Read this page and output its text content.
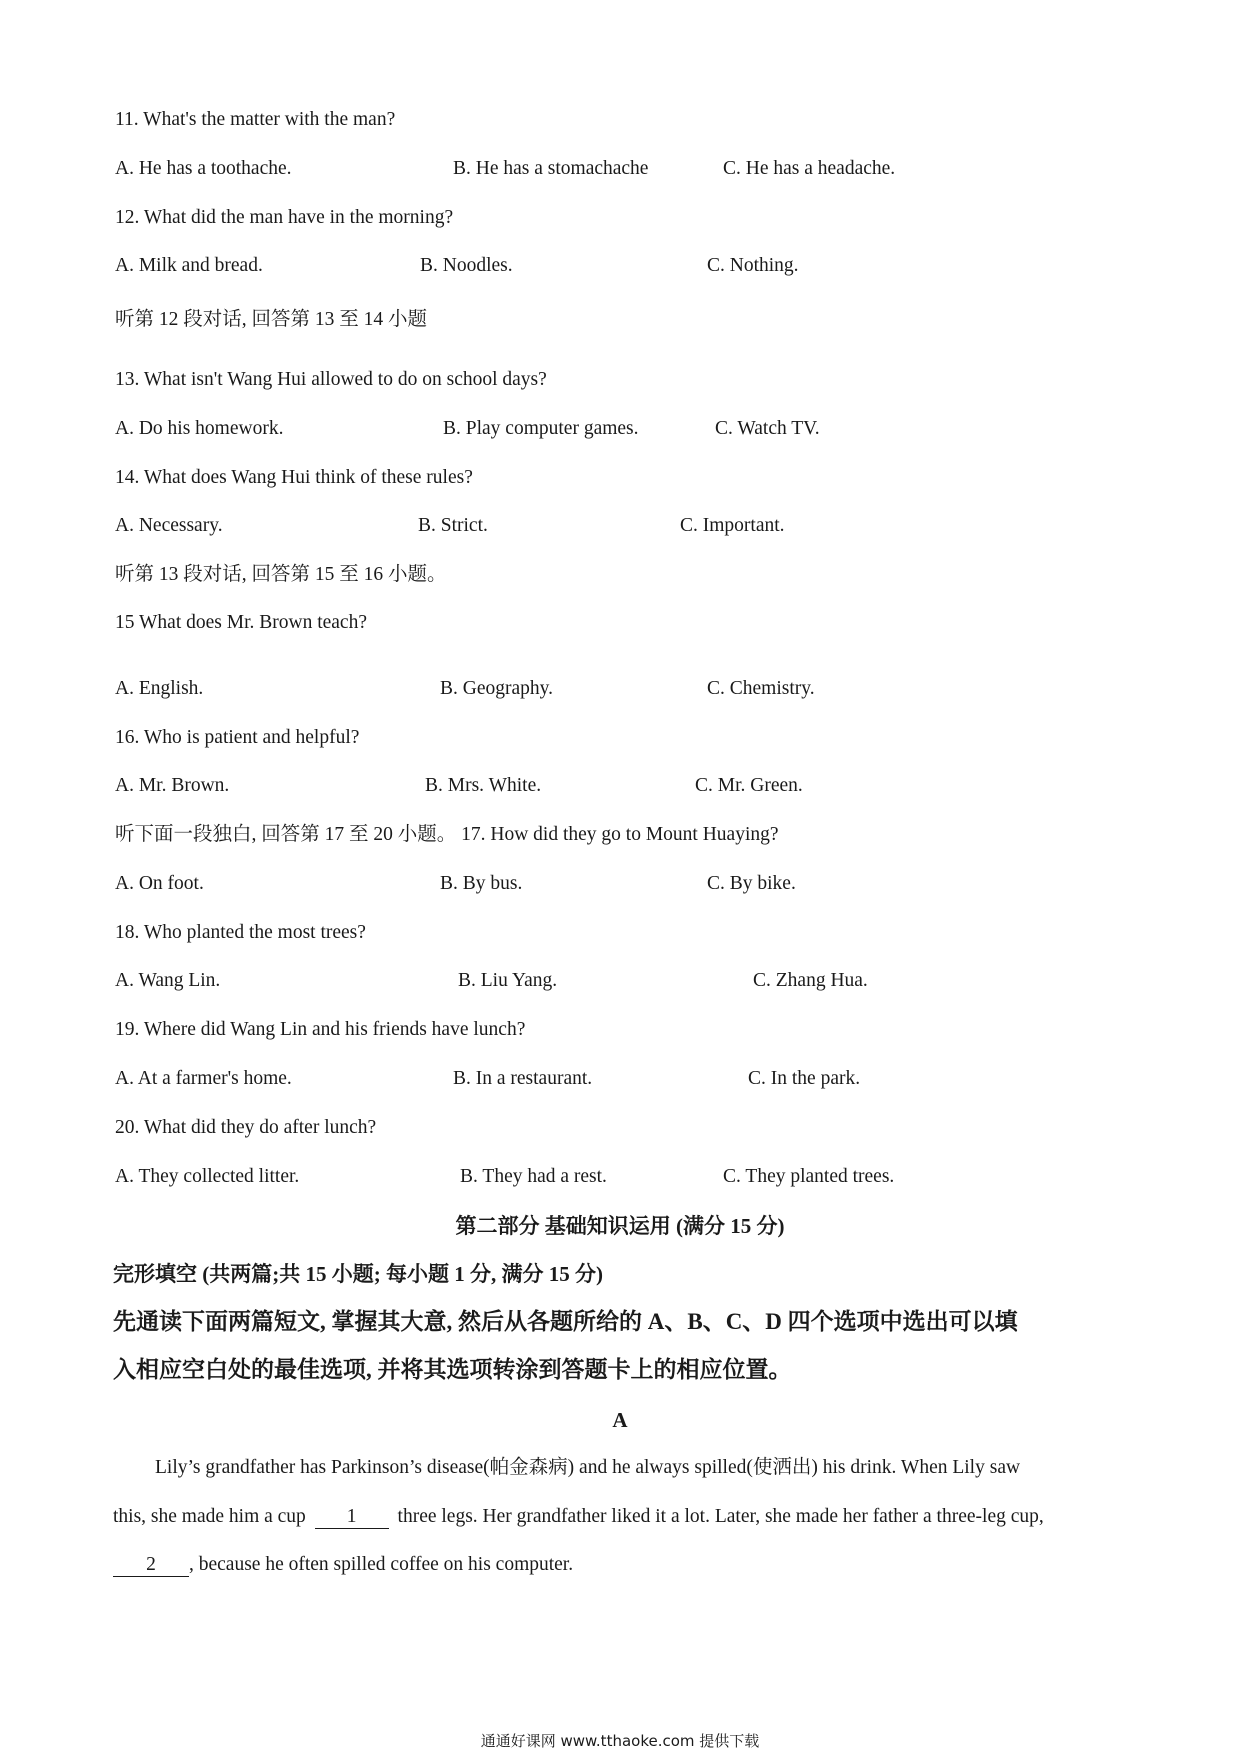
11. What's the matter with the man?
A. He has a toothache.	B. He has a stomachache	C. He has a headache.
12. What did the man have in the morning?
A. Milk and bread.	B. Noodles.	C. Nothing.
听第 12 段对话, 回答第 13 至 14 小题
13. What isn't Wang Hui allowed to do on school days?
A. Do his homework.	B. Play computer games.	C. Watch TV.
14. What does Wang Hui think of these rules?
A. Necessary.	B. Strict.	C. Important.
听第 13 段对话, 回答第 15 至 16 小题。
15 What does Mr. Brown teach?
A. English.	B. Geography.	C. Chemistry.
16. Who is patient and helpful?
A. Mr. Brown.	B. Mrs. White.	C. Mr. Green.
听下面一段独白, 回答第 17 至 20 小题。 17. How did they go to Mount Huaying?
A. On foot.	B. By bus.	C. By bike.
18. Who planted the most trees?
A. Wang Lin.	B. Liu Yang.	C. Zhang Hua.
19. Where did Wang Lin and his friends have lunch?
A. At a farmer's home.	B. In a restaurant.	C. In the park.
20. What did they do after lunch?
A. They collected litter.	B. They had a rest.	C. They planted trees.
第二部分 基础知识运用 (满分 15 分)
完形填空 (共两篇;共 15 小题; 每小题 1 分, 满分 15 分)
先通读下面两篇短文, 掌握其大意, 然后从各题所给的 A、B、C、D 四个选项中选出可以填
入相应空白处的最佳选项, 并将其选项转涂到答题卡上的相应位置。
A
Lily’s grandfather has Parkinson’s disease(帕金森病) and he always spilled(使洒出) his drink. When Lily saw
this, she made him a cup 1 three legs. Her grandfather liked it a lot. Later, she made her father a three-leg cup,
2 , because he often spilled coffee on his computer.
通通好课网 www.tthaoke.com 提供下载
